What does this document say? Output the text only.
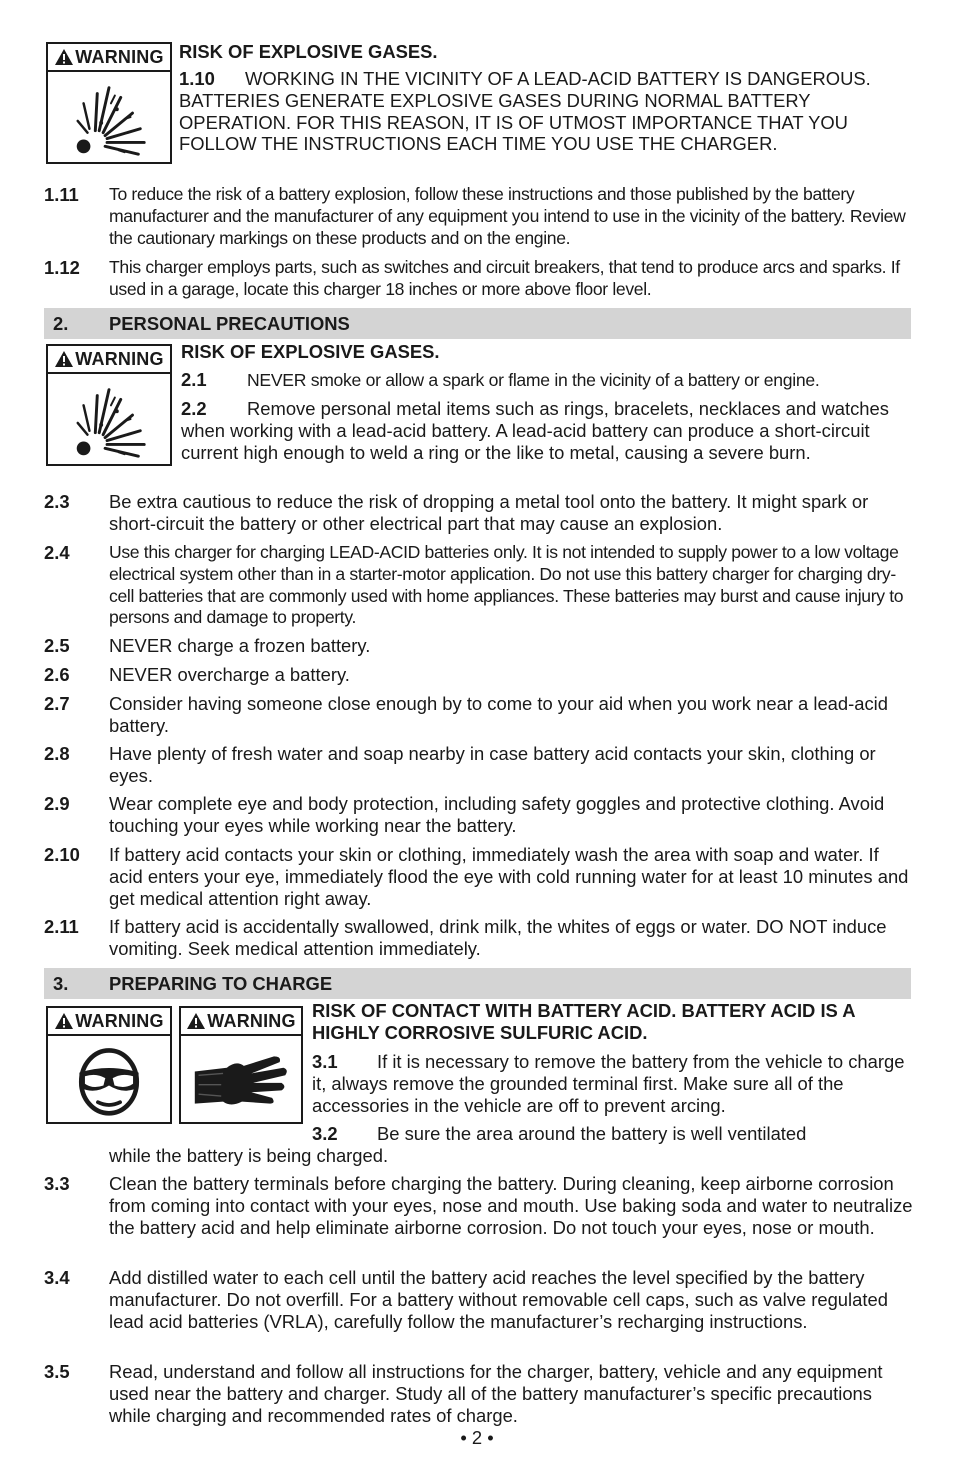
WARNING RISK OF EXPLOSIVE GASES.
1.10 WORKING IN THE VICINITY OF A LEAD-ACID BATTERY IS DANGEROUS. BATTERIES GENERATE EXPLOSIVE GASES DURING NORMAL BATTERY OPERATION. FOR THIS REASON, IT IS OF UTMOST IMPORTANCE THAT YOU FOLLOW THE INSTRUCTIONS EACH TIME YOU USE THE CHARGER.
1.11 To reduce the risk of a battery explosion, follow these instructions and those published by the battery manufacturer and the manufacturer of any equipment you intend to use in the vicinity of the battery. Review the cautionary markings on these products and on the engine.
1.12 This charger employs parts, such as switches and circuit breakers, that tend to produce arcs and sparks. If used in a garage, locate this charger 18 inches or more above floor level.
2. PERSONAL PRECAUTIONS
WARNING RISK OF EXPLOSIVE GASES.
2.1 NEVER smoke or allow a spark or flame in the vicinity of a battery or engine.
2.2 Remove personal metal items such as rings, bracelets, necklaces and watches when working with a lead-acid battery. A lead-acid battery can produce a short-circuit current high enough to weld a ring or the like to metal, causing a severe burn.
2.3 Be extra cautious to reduce the risk of dropping a metal tool onto the battery. It might spark or short-circuit the battery or other electrical part that may cause an explosion.
2.4 Use this charger for charging LEAD-ACID batteries only. It is not intended to supply power to a low voltage electrical system other than in a starter-motor application. Do not use this battery charger for charging dry-cell batteries that are commonly used with home appliances. These batteries may burst and cause injury to persons and damage to property.
2.5 NEVER charge a frozen battery.
2.6 NEVER overcharge a battery.
2.7 Consider having someone close enough by to come to your aid when you work near a lead-acid battery.
2.8 Have plenty of fresh water and soap nearby in case battery acid contacts your skin, clothing or eyes.
2.9 Wear complete eye and body protection, including safety goggles and protective clothing. Avoid touching your eyes while working near the battery.
2.10 If battery acid contacts your skin or clothing, immediately wash the area with soap and water. If acid enters your eye, immediately flood the eye with cold running water for at least 10 minutes and get medical attention right away.
2.11 If battery acid is accidentally swallowed, drink milk, the whites of eggs or water. DO NOT induce vomiting. Seek medical attention immediately.
3. PREPARING TO CHARGE
WARNING WARNING RISK OF CONTACT WITH BATTERY ACID. BATTERY ACID IS A HIGHLY CORROSIVE SULFURIC ACID.
3.1 If it is necessary to remove the battery from the vehicle to charge it, always remove the grounded terminal first. Make sure all of the accessories in the vehicle are off to prevent arcing.
3.2 Be sure the area around the battery is well ventilated
while the battery is being charged.
3.3 Clean the battery terminals before charging the battery. During cleaning, keep airborne corrosion from coming into contact with your eyes, nose and mouth. Use baking soda and water to neutralize the battery acid and help eliminate airborne corrosion. Do not touch your eyes, nose or mouth.
3.4 Add distilled water to each cell until the battery acid reaches the level specified by the battery manufacturer. Do not overfill. For a battery without removable cell caps, such as valve regulated lead acid batteries (VRLA), carefully follow the manufacturer’s recharging instructions.
3.5 Read, understand and follow all instructions for the charger, battery, vehicle and any equipment used near the battery and charger. Study all of the battery manufacturer’s specific precautions while charging and recommended rates of charge.
• 2 •
